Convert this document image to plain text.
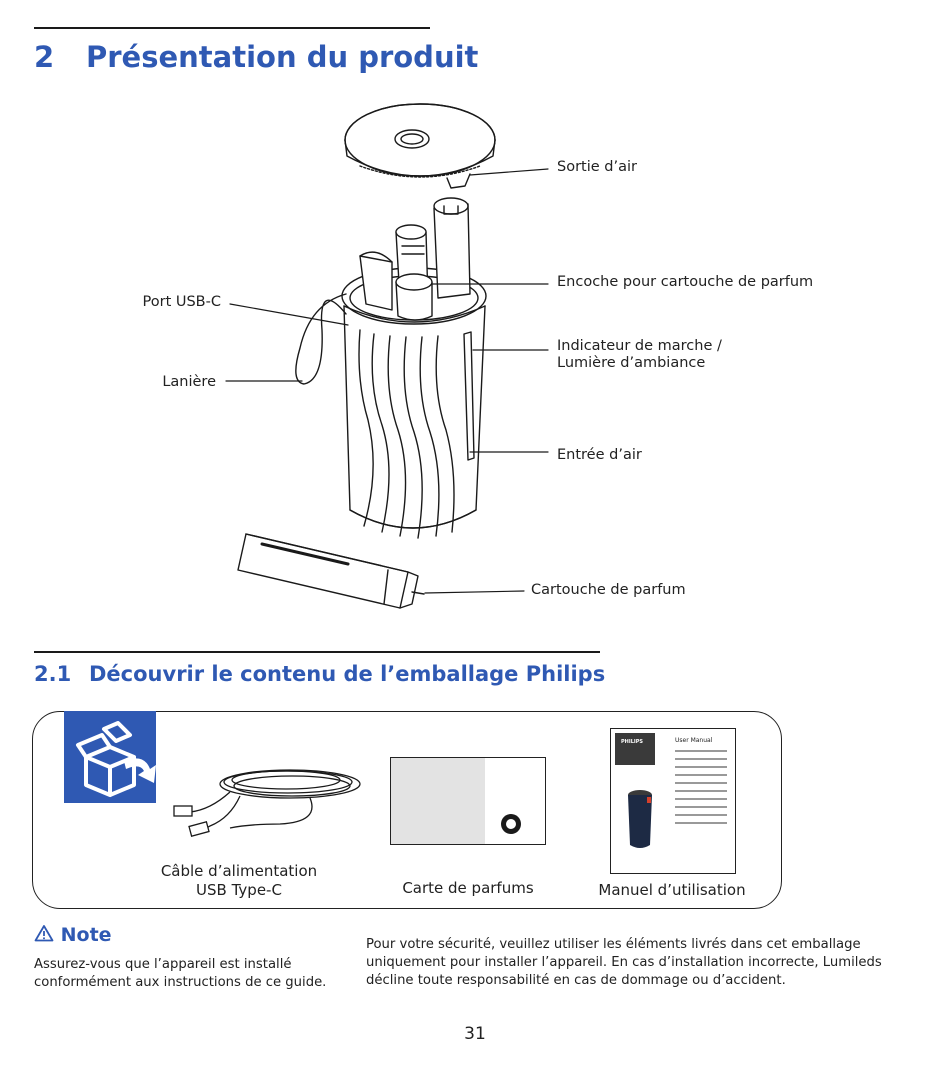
2 Présentation du produit
Sortie d’air
Encoche pour cartouche de parfum
Indicateur de marche /
Lumière d’ambiance
Entrée d’air
Cartouche de parfum
Port USB-C
Lanière
2.1 Découvrir le contenu de l’emballage Philips
Câble d’alimentation
USB Type-C	Carte de parfums
PHILIPS	User Manual
Manuel d’utilisation
Note
Assurez-vous que l’appareil est installé conformément aux instructions de ce guide.
Pour votre sécurité, veuillez utiliser les éléments livrés dans cet emballage uniquement pour installer l’appareil. En cas d’installation incorrecte, Lumileds décline toute responsabilité en cas de dommage ou d’accident.
31
